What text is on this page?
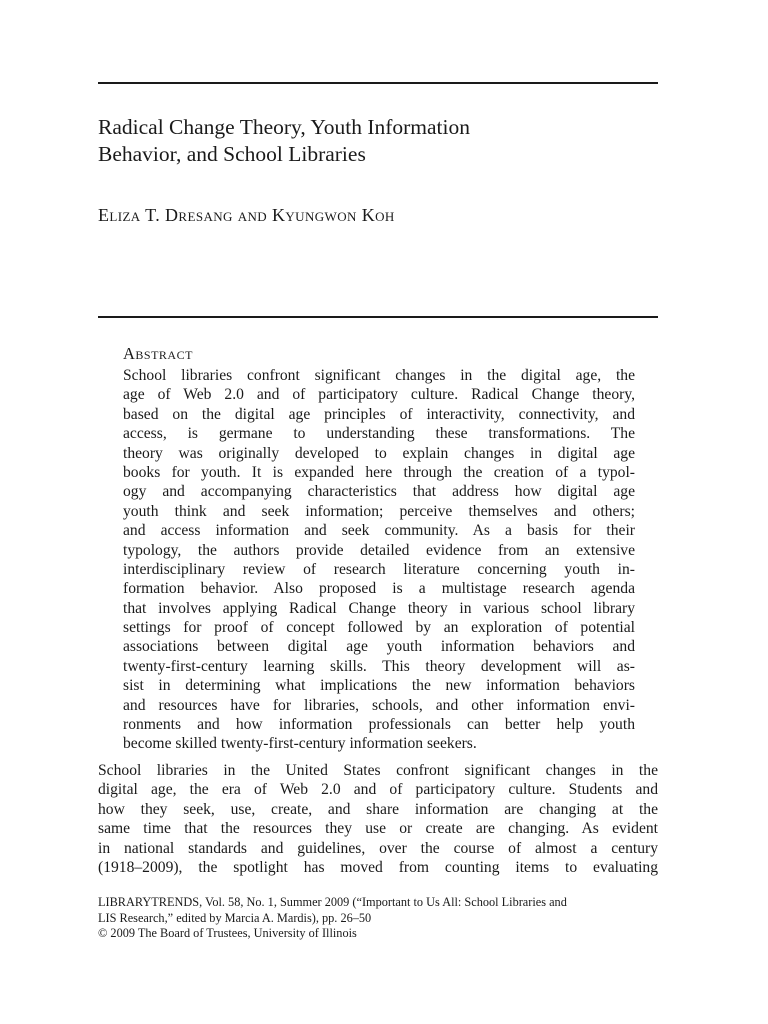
Radical Change Theory, Youth Information
Behavior, and School Libraries
Eliza T. Dresang and Kyungwon Koh
Abstract
School libraries confront significant changes in the digital age, the
age of Web 2.0 and of participatory culture. Radical Change theory,
based on the digital age principles of interactivity, connectivity, and
access, is germane to understanding these transformations. The
theory was originally developed to explain changes in digital age
books for youth. It is expanded here through the creation of a typol-
ogy and accompanying characteristics that address how digital age
youth think and seek information; perceive themselves and others;
and access information and seek community. As a basis for their
typology, the authors provide detailed evidence from an extensive
interdisciplinary review of research literature concerning youth in-
formation behavior. Also proposed is a multistage research agenda
that involves applying Radical Change theory in various school library
settings for proof of concept followed by an exploration of potential
associations between digital age youth information behaviors and
twenty-first-century learning skills. This theory development will as-
sist in determining what implications the new information behaviors
and resources have for libraries, schools, and other information envi-
ronments and how information professionals can better help youth
become skilled twenty-first-century information seekers.
School libraries in the United States confront significant changes in the
digital age, the era of Web 2.0 and of participatory culture. Students and
how they seek, use, create, and share information are changing at the
same time that the resources they use or create are changing. As evident
in national standards and guidelines, over the course of almost a century
(1918–2009), the spotlight has moved from counting items to evaluating
LIBRARYTRENDS, Vol. 58, No. 1, Summer 2009 (“Important to Us All: School Libraries and
LIS Research,” edited by Marcia A. Mardis), pp. 26–50
© 2009 The Board of Trustees, University of Illinois
